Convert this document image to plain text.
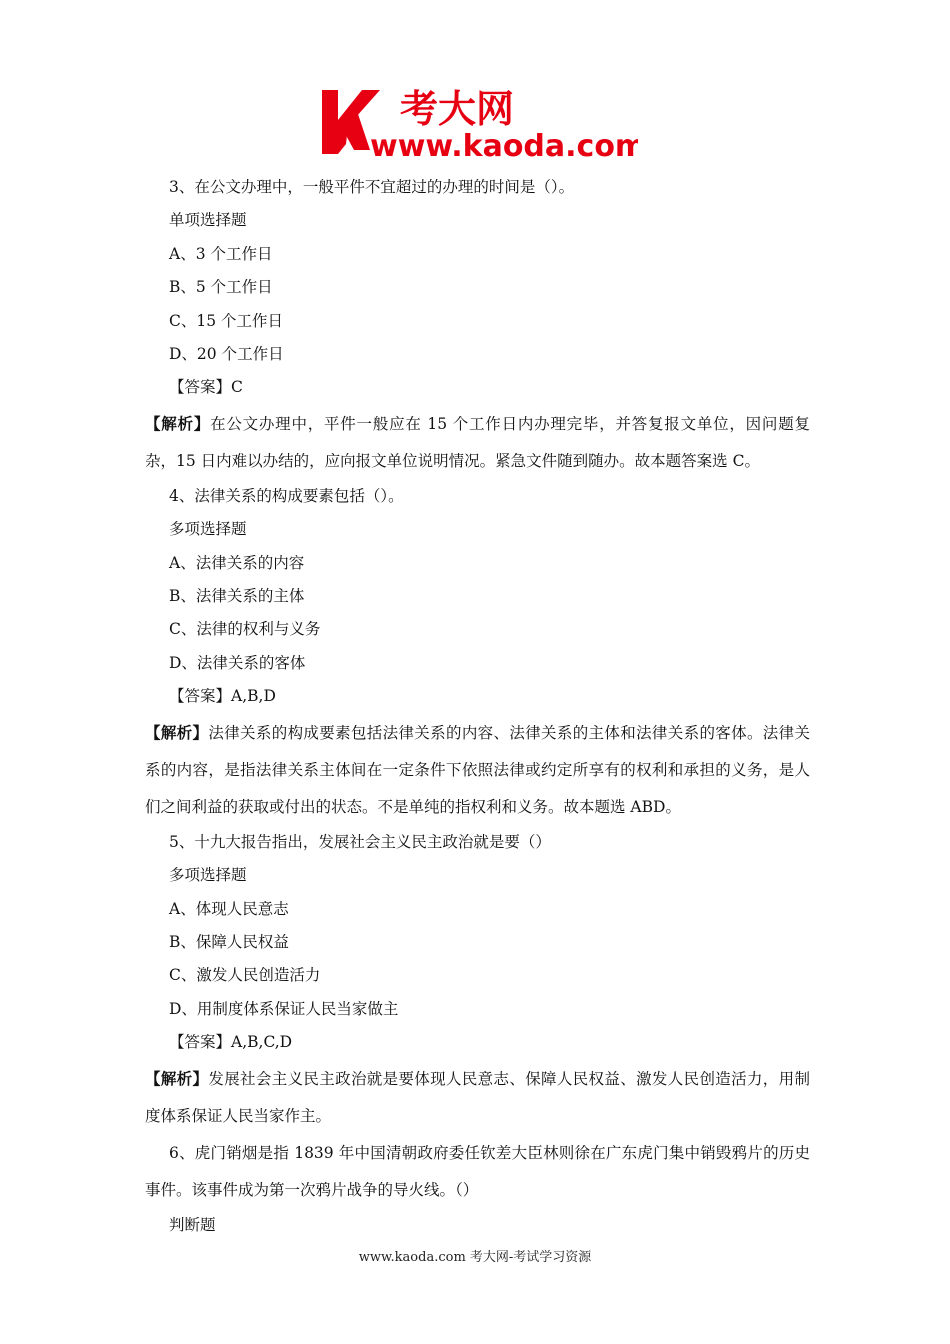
考大网
www.kaoda.com
3、在公文办理中，一般平件不宜超过的办理的时间是（）。
单项选择题
A、3 个工作日
B、5 个工作日
C、15 个工作日
D、20 个工作日
【答案】C

【解析】在公文办理中，平件一般应在 15 个工作日内办理完毕，并答复报文单位，因问题复杂，15 日内难以办结的，应向报文单位说明情况。紧急文件随到随办。故本题答案选 C。

4、法律关系的构成要素包括（）。
多项选择题
A、法律关系的内容
B、法律关系的主体
C、法律的权利与义务
D、法律关系的客体
【答案】A,B,D

【解析】法律关系的构成要素包括法律关系的内容、法律关系的主体和法律关系的客体。法律关系的内容，是指法律关系主体间在一定条件下依照法律或约定所享有的权利和承担的义务，是人们之间利益的获取或付出的状态。不是单纯的指权利和义务。故本题选 ABD。

5、十九大报告指出，发展社会主义民主政治就是要（）
多项选择题
A、体现人民意志
B、保障人民权益
C、激发人民创造活力
D、用制度体系保证人民当家做主
【答案】A,B,C,D

【解析】发展社会主义民主政治就是要体现人民意志、保障人民权益、激发人民创造活力，用制度体系保证人民当家作主。

6、虎门销烟是指 1839 年中国清朝政府委任钦差大臣林则徐在广东虎门集中销毁鸦片的历史事件。该事件成为第一次鸦片战争的导火线。（）

判断题
www.kaoda.com 考大网-考试学习资源
